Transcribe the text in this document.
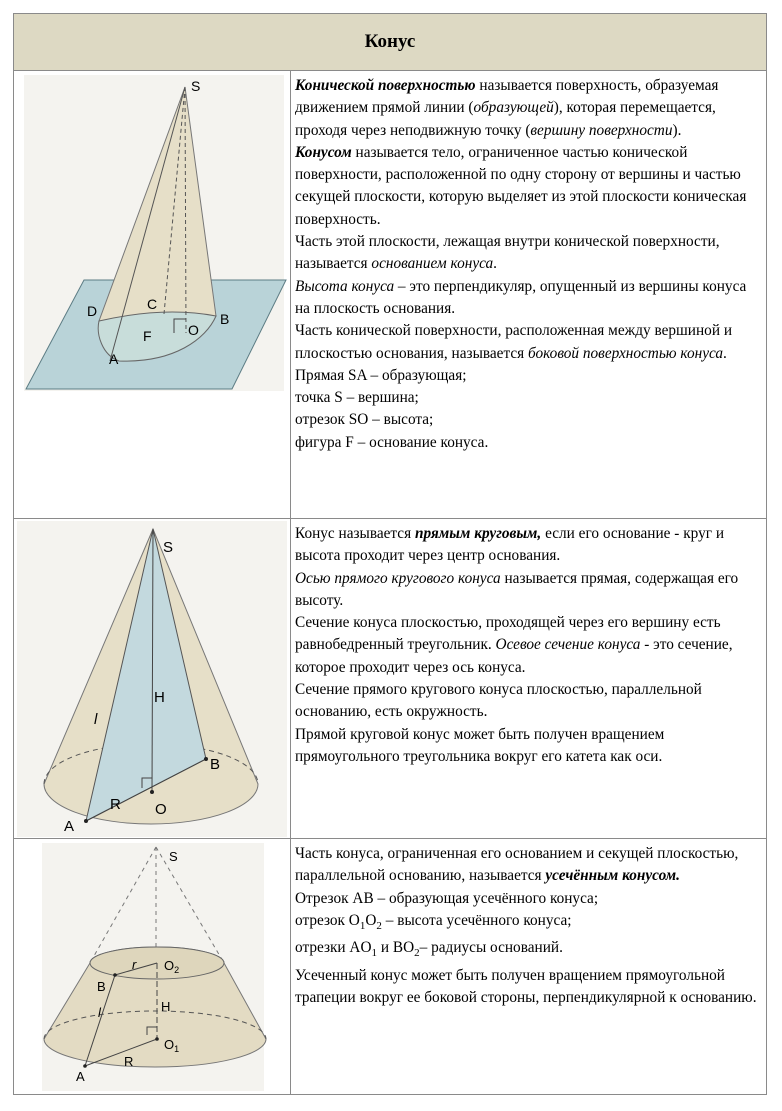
Конус
S
D	C
B
F	O
A

Конической поверхностью называется поверхность, образуемая движением прямой линии (образующей), которая перемещается, проходя через неподвижную точку (вершину поверхности).

Конусом называется тело, ограниченное частью конической поверхности, расположенной по одну сторону от вершины и частью секущей плоскости, которую выделяет из этой плоскости коническая поверхность.

Часть этой плоскости, лежащая внутри конической поверхности, называется основанием конуса.

Высота конуса – это перпендикуляр, опущенный из вершины конуса на плоскость основания.

Часть конической поверхности, расположенная между вершиной и плоскостью основания, называется боковой поверхностью конуса.

Прямая SA – образующая;

точка S – вершина;

отрезок SO – высота;

фигура F – основание конуса.

S
H
l
B
R O
A

Конус называется прямым круговым, если его основание - круг и высота проходит через центр основания.

Осью прямого кругового конуса называется прямая, содержащая его высоту.

Сечение конуса плоскостью, проходящей через его вершину есть равнобедренный треугольник. Осевое сечение конуса - это сечение, которое проходит через ось конуса.

Сечение прямого кругового конуса плоскостью, параллельной основанию, есть окружность.

Прямой круговой конус может быть получен вращением прямоугольного треугольника вокруг его катета как оси.

S
r $O_2$
B
l	H
$O_1$
R
A

Часть конуса, ограниченная его основанием и секущей плоскостью, параллельной основанию, называется усечённым конусом.

Отрезок AB – образующая усечённого конуса;

отрезок $O_1O_2$ – высота усечённого конуса;

отрезки $AO_1$ и $BO_2-$ радиусы оснований.

Усеченный конус может быть получен вращением прямоугольной трапеции вокруг ее боковой стороны, перпендикулярной к основанию.
